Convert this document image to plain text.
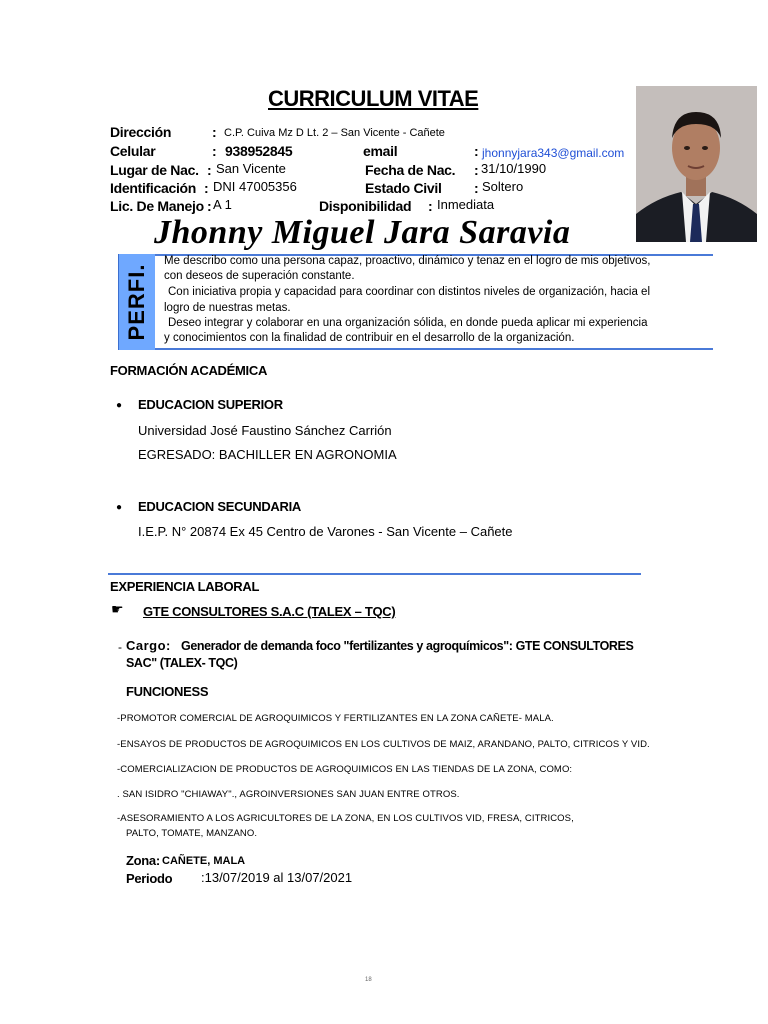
CURRICULUM VITAE
Dirección	: C.P. Cuiva Mz D Lt. 2 – San Vicente - Cañete
Celular	: 938952845	email	: jhonnyjara343@gmail.com
Lugar de Nac. : San Vicente	Fecha de Nac. : 31/10/1990
Identificación : DNI 47005356	Estado Civil : Soltero
Lic. De Manejo : A 1	Disponibilidad : Inmediata
Jhonny Miguel Jara Saravia
PERFI.
Me describo como una persona capaz, proactivo, dinámico y tenaz en el logro de mis objetivos,
con deseos de superación constante.
Con iniciativa propia y capacidad para coordinar con distintos niveles de organización, hacia el
logro de nuestras metas.
Deseo integrar y colaborar en una organización sólida, en donde pueda aplicar mi experiencia
y conocimientos con la finalidad de contribuir en el desarrollo de la organización.
FORMACIÓN ACADÉMICA
● EDUCACION SUPERIOR
Universidad José Faustino Sánchez Carrión
EGRESADO: BACHILLER EN AGRONOMIA
● EDUCACION SECUNDARIA
I.E.P. N° 20874 Ex 45 Centro de Varones - San Vicente – Cañete
EXPERIENCIA LABORAL
☛ GTE CONSULTORES S.A.C (TALEX – TQC)
- Cargo: Generador de demanda foco "fertilizantes y agroquímicos": GTE CONSULTORES
SAC" (TALEX- TQC)
FUNCIONESS
-PROMOTOR COMERCIAL DE AGROQUIMICOS Y FERTILIZANTES EN LA ZONA CAÑETE- MALA.
-ENSAYOS DE PRODUCTOS DE AGROQUIMICOS EN LOS CULTIVOS DE MAIZ, ARANDANO, PALTO, CITRICOS Y VID.
-COMERCIALIZACION DE PRODUCTOS DE AGROQUIMICOS EN LAS TIENDAS DE LA ZONA, COMO:
. SAN ISIDRO "CHIAWAY"., AGROINVERSIONES SAN JUAN ENTRE OTROS.
-ASESORAMIENTO A LOS AGRICULTORES DE LA ZONA, EN LOS CULTIVOS VID, FRESA, CITRICOS,
PALTO, TOMATE, MANZANO.
Zona: CAÑETE, MALA
Periodo :13/07/2019 al 13/07/2021
18
